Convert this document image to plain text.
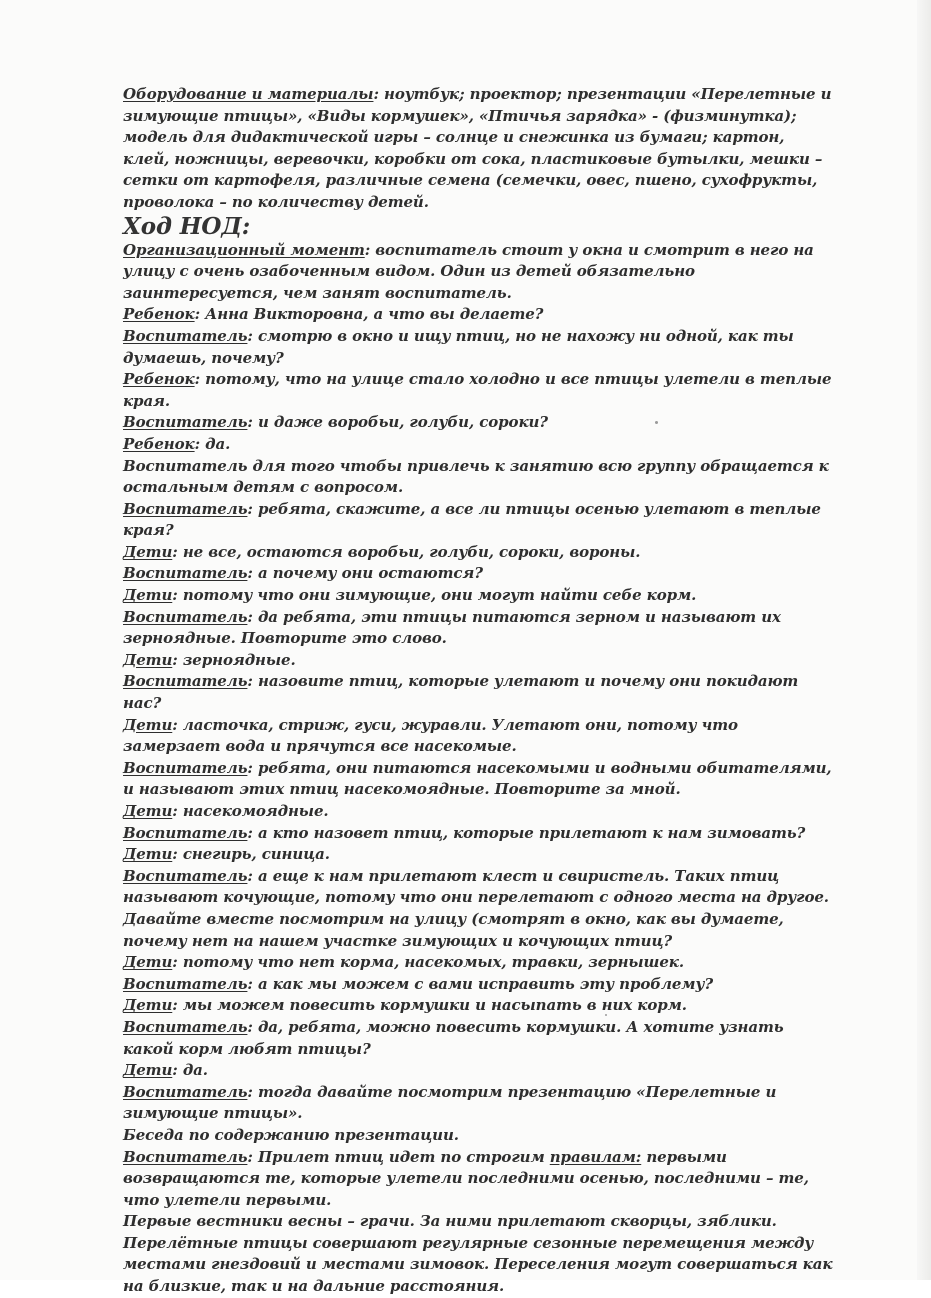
Оборудование и материалы: ноутбук; проектор; презентации «Перелетные и зимующие птицы», «Виды кормушек», «Птичья зарядка» - (физминутка); модель для дидактической игры – солнце и снежинка из бумаги; картон, клей, ножницы, веревочки, коробки от сока, пластиковые бутылки, мешки – сетки от картофеля, различные семена (семечки, овес, пшено, сухофрукты, проволока – по количеству детей.

Ход НОД:

Организационный момент: воспитатель стоит у окна и смотрит в него на улицу с очень озабоченным видом. Один из детей обязательно заинтересуется, чем занят воспитатель.

Ребенок: Анна Викторовна, а что вы делаете?

Воспитатель: смотрю в окно и ищу птиц, но не нахожу ни одной, как ты думаешь, почему?

Ребенок: потому, что на улице стало холодно и все птицы улетели в теплые края.

Воспитатель: и даже воробьи, голуби, сороки?

Ребенок: да.

Воспитатель для того чтобы привлечь к занятию всю группу обращается к остальным детям с вопросом.

Воспитатель: ребята, скажите, а все ли птицы осенью улетают в теплые края?

Дети: не все, остаются воробьи, голуби, сороки, вороны.

Воспитатель: а почему они остаются?

Дети: потому что они зимующие, они могут найти себе корм.

Воспитатель: да ребята, эти птицы питаются зерном и называют их зерноядные. Повторите это слово.

Дети: зерноядные.

Воспитатель: назовите птиц, которые улетают и почему они покидают нас?

Дети: ласточка, стриж, гуси, журавли. Улетают они, потому что замерзает вода и прячутся все насекомые.

Воспитатель: ребята, они питаются насекомыми и водными обитателями, и называют этих птиц насекомоядные. Повторите за мной.

Дети: насекомоядные.

Воспитатель: а кто назовет птиц, которые прилетают к нам зимовать?

Дети: снегирь, синица.

Воспитатель: а еще к нам прилетают клест и свиристель. Таких птиц называют кочующие, потому что они перелетают с одного места на другое.

Давайте вместе посмотрим на улицу (смотрят в окно, как вы думаете, почему нет на нашем участке зимующих и кочующих птиц?

Дети: потому что нет корма, насекомых, травки, зернышек.

Воспитатель: а как мы можем с вами исправить эту проблему?

Дети: мы можем повесить кормушки и насыпать в них корм.

Воспитатель: да, ребята, можно повесить кормушки. А хотите узнать какой корм любят птицы?

Дети: да.

Воспитатель: тогда давайте посмотрим презентацию «Перелетные и зимующие птицы».

Беседа по содержанию презентации.

Воспитатель: Прилет птиц идет по строгим правилам: первыми возвращаются те, которые улетели последними осенью, последними – те, что улетели первыми.

Первые вестники весны – грачи. За ними прилетают скворцы, зяблики.

Перелётные птицы совершают регулярные сезонные перемещения между местами гнездовий и местами зимовок. Переселения могут совершаться как на близкие, так и на дальние расстояния.
